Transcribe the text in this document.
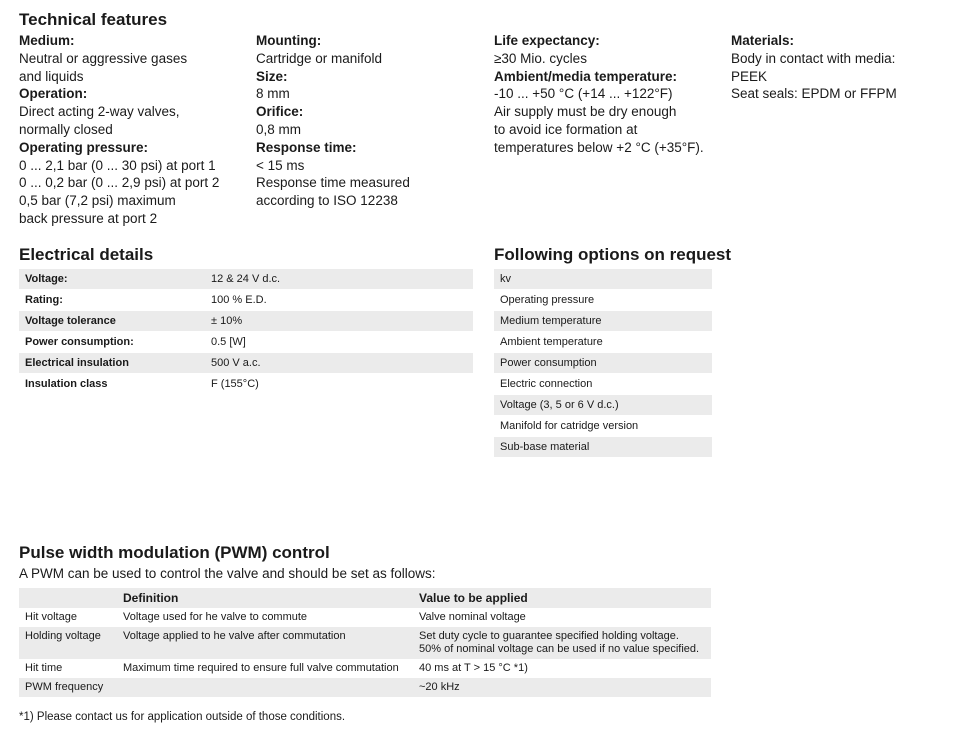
Technical features
Medium:
Neutral or aggressive gases
and liquids
Operation:
Direct acting 2-way valves,
normally closed
Operating pressure:
0 ... 2,1 bar (0 ... 30 psi) at port 1
0 ... 0,2 bar (0 ... 2,9 psi) at port 2
0,5 bar (7,2 psi) maximum
back pressure at port 2
Mounting:
Cartridge or manifold
Size:
8 mm
Orifice:
0,8 mm
Response time:
< 15 ms
Response time measured
according to ISO 12238
Life expectancy:
≥30 Mio. cycles
Ambient/media temperature:
-10 ... +50 °C (+14 ... +122°F)
Air supply must be dry enough
to avoid ice formation at
temperatures below +2 °C (+35°F).
Materials:
Body in contact with media:
PEEK
Seat seals: EPDM or FFPM
Electrical details
Voltage:	12 & 24 V d.c.
Rating:	100 % E.D.
Voltage tolerance	± 10%
Power consumption:	0.5 [W]
Electrical insulation	500 V a.c.
Insulation class	F (155°C)
Following options on request
kv
Operating pressure
Medium temperature
Ambient temperature
Power consumption
Electric connection
Voltage (3, 5 or 6 V d.c.)
Manifold for catridge version
Sub-base material
Pulse width modulation (PWM) control
A PWM can be used to control the valve and should be set as follows:
	Definition	Value to be applied
Hit voltage	Voltage used for he valve to commute	Valve nominal voltage

Holding voltage	Voltage applied to he valve after commutation	Set duty cycle to guarantee specified holding voltage.
50% of nominal voltage can be used if no value specified.

Hit time	Maximum time required to ensure full valve commutation	40 ms at T > 15 °C *1)

PWM frequency		~20 kHz
*1) Please contact us for application outside of those conditions.
